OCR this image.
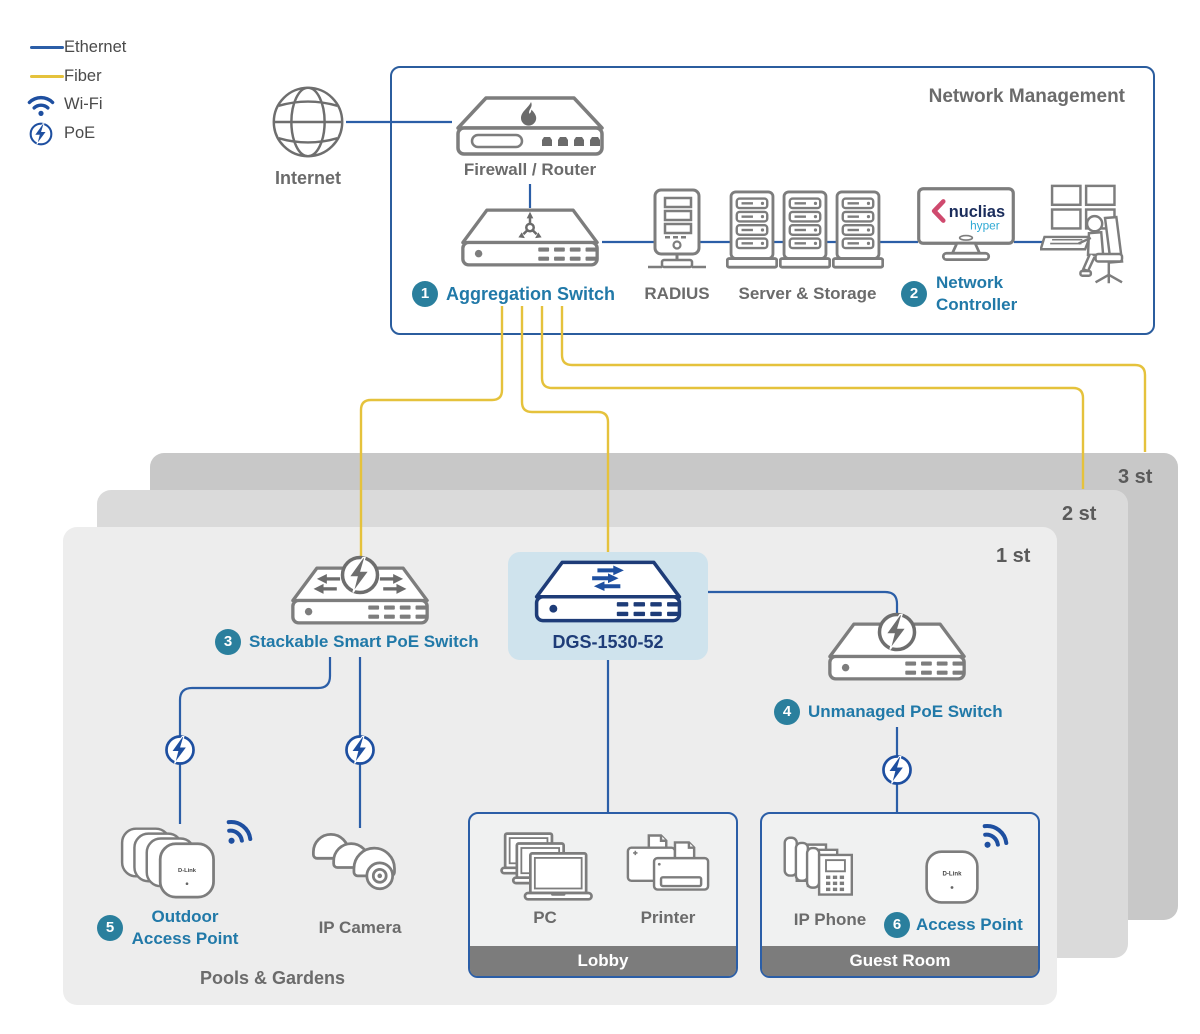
3 st
2 st
1 st
Network Management
Lobby	Guest Room
Ethernet
Fiber
Wi-Fi
PoE
Internet	Firewall / Router
1 Aggregation Switch RADIUS	Server & Storage
nuclias
hyper
2
Network
Controller
3 Stackable Smart PoE Switch	DGS-1530-52
4 Unmanaged PoE Switch
D-Link
5
Outdoor
Access Point
IP Camera
PC	Printer	IP Phone
D-Link
6 Access Point
Pools & Gardens
